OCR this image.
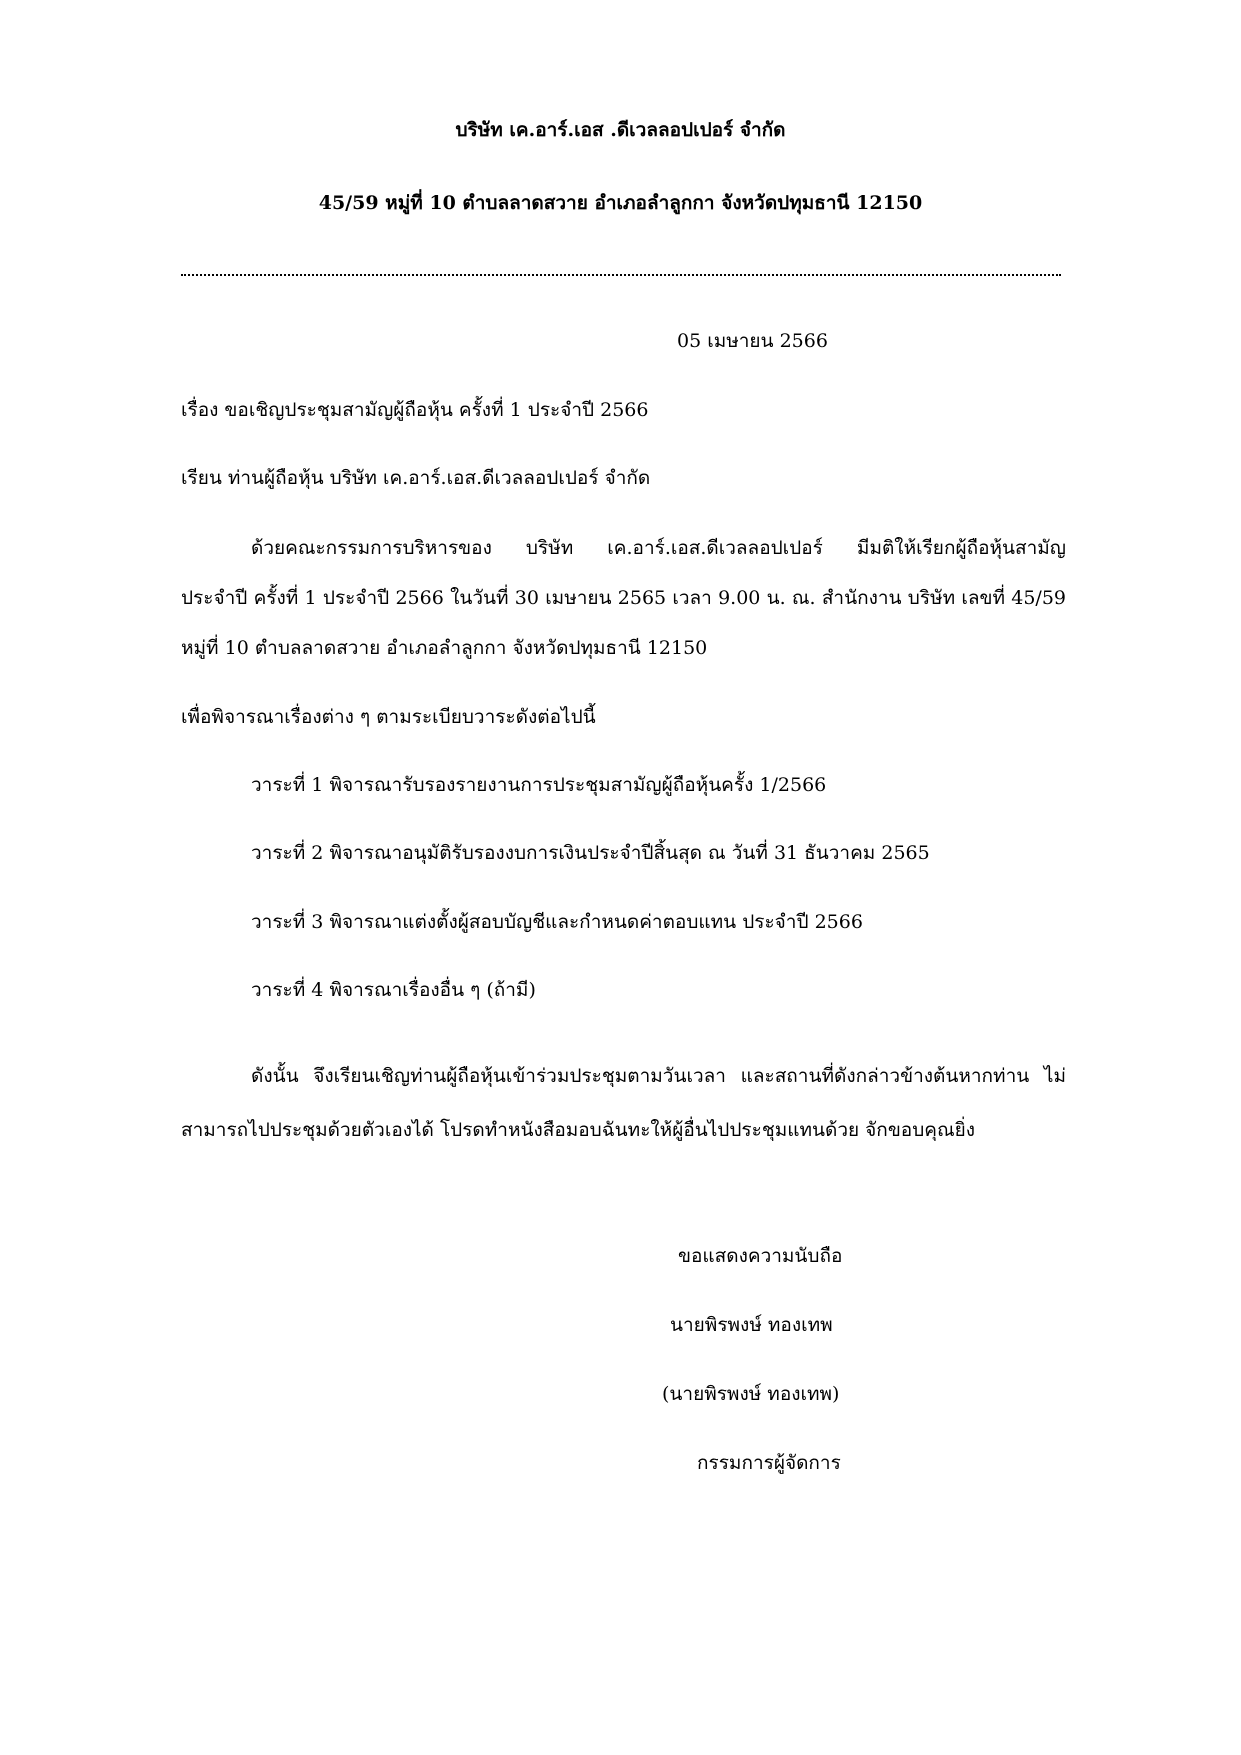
บริษัท เค.อาร์.เอส .ดีเวลลอปเปอร์ จำกัด
45/59 หมู่ที่ 10 ตำบลลาดสวาย อำเภอลำลูกกา จังหวัดปทุมธานี 12150
05 เมษายน 2566
เรื่อง ขอเชิญประชุมสามัญผู้ถือหุ้น ครั้งที่ 1 ประจำปี 2566
เรียน ท่านผู้ถือหุ้น บริษัท เค.อาร์.เอส.ดีเวลลอปเปอร์ จำกัด
ด้วยคณะกรรมการบริหารของ บริษัท เค.อาร์.เอส.ดีเวลลอปเปอร์ มีมติให้เรียกผู้ถือหุ้นสามัญ
ประจำปี ครั้งที่ 1 ประจำปี 2566 ในวันที่ 30 เมษายน 2565 เวลา 9.00 น. ณ. สำนักงาน บริษัท เลขที่ 45/59
หมู่ที่ 10 ตำบลลาดสวาย อำเภอลำลูกกา จังหวัดปทุมธานี 12150
เพื่อพิจารณาเรื่องต่าง ๆ ตามระเบียบวาระดังต่อไปนี้
วาระที่ 1 พิจารณารับรองรายงานการประชุมสามัญผู้ถือหุ้นครั้ง 1/2566
วาระที่ 2 พิจารณาอนุมัติรับรองงบการเงินประจำปีสิ้นสุด ณ วันที่ 31 ธันวาคม 2565
วาระที่ 3 พิจารณาแต่งตั้งผู้สอบบัญชีและกำหนดค่าตอบแทน ประจำปี 2566
วาระที่ 4 พิจารณาเรื่องอื่น ๆ (ถ้ามี)
ดังนั้น จึงเรียนเชิญท่านผู้ถือหุ้นเข้าร่วมประชุมตามวันเวลา และสถานที่ดังกล่าวข้างต้นหากท่าน ไม่
สามารถไปประชุมด้วยตัวเองได้ โปรดทำหนังสือมอบฉันทะให้ผู้อื่นไปประชุมแทนด้วย จักขอบคุณยิ่ง
ขอแสดงความนับถือ
นายพิรพงษ์ ทองเทพ
(นายพิรพงษ์ ทองเทพ)
กรรมการผู้จัดการ
